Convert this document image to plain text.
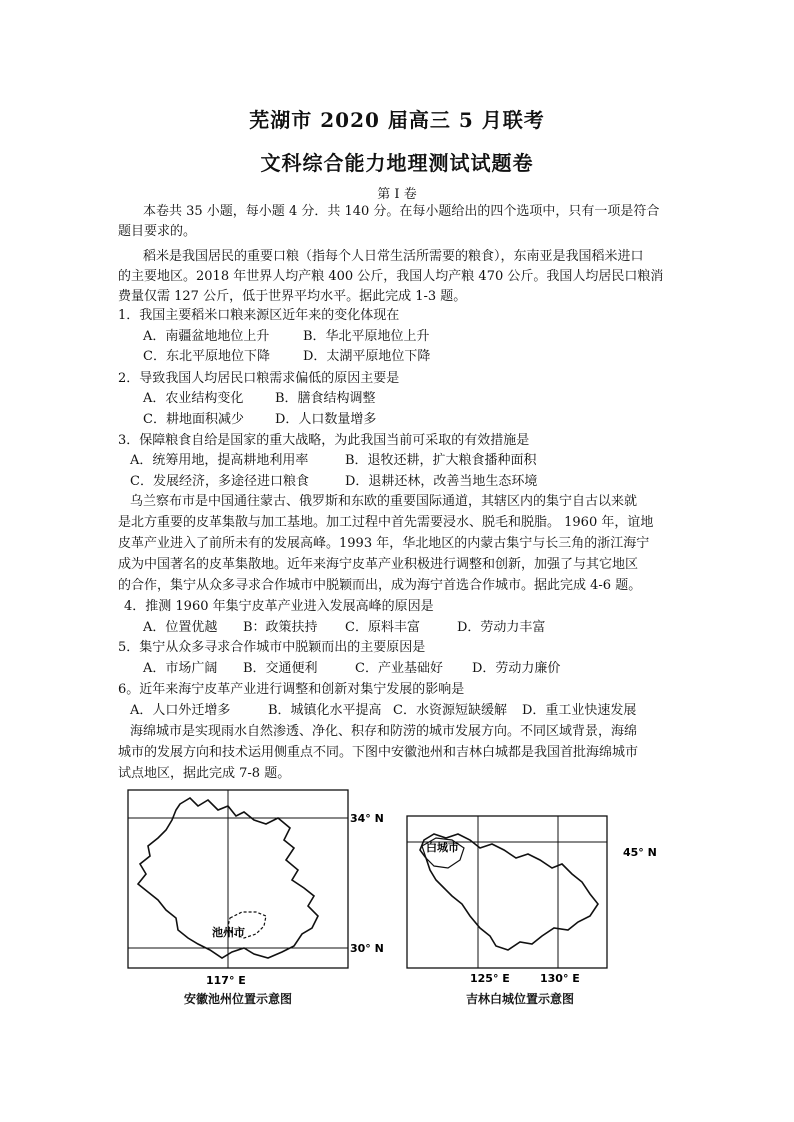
芜湖市 2020 届高三 5 月联考
文科综合能力地理测试试题卷
第 I 卷
本卷共 35 小题，每小题 4 分．共 140 分。在每小题给出的四个选项中，只有一项是符合
题目要求的。
稻米是我国居民的重要口粮（指每个人日常生活所需要的粮食），东南亚是我国稻米进口
的主要地区。2018 年世界人均产粮 400 公斤，我国人均产粮 470 公斤。我国人均居民口粮消
费量仅需 127 公斤，低于世界平均水平。据此完成 1-3 题。
1．我国主要稻米口粮来源区近年来的变化体现在
A．南疆盆地地位上升	B．华北平原地位上升
C．东北平原地位下降	D．太湖平原地位下降
2．导致我国人均居民口粮需求偏低的原因主要是
A．农业结构变化 B．膳食结构调整
C．耕地面积减少 D．人口数量增多
3．保障粮食自给是国家的重大战略，为此我国当前可采取的有效措施是
A．统筹用地，提高耕地利用率	B．退牧还耕，扩大粮食播种面积
C．发展经济，多途径进口粮食	D．退耕还林，改善当地生态环境
乌兰察布市是中国通往蒙古、俄罗斯和东欧的重要国际通道，其辖区内的集宁自古以来就
是北方重要的皮革集散与加工基地。加工过程中首先需要浸水、脱毛和脱脂。 1960 年，谊地
皮革产业进入了前所未有的发展高峰。1993 年，华北地区的内蒙古集宁与长三角的浙江海宁
成为中国著名的皮革集散地。近年来海宁皮革产业积极进行调整和创新，加强了与其它地区
的合作，集宁从众多寻求合作城市中脱颖而出，成为海宁首选合作城市。据此完成 4-6 题。
4．推测 1960 年集宁皮革产业进入发展高峰的原因是
A．位置优越 B：政策扶持 C．原料丰富	D．劳动力丰富
5．集宁从众多寻求合作城市中脱颖而出的主要原因是
A．市场广阔 B．交通便利	C．产业基础好 D．劳动力廉价
6。近年来海宁皮革产业进行调整和创新对集宁发展的影响是
A．人口外迁增多	B．城镇化水平提高 C．水资源短缺缓解 D．重工业快速发展
海绵城市是实现雨水自然渗透、净化、积存和防涝的城市发展方向。不同区域背景，海绵
城市的发展方向和技术运用侧重点不同。下图中安徽池州和吉林白城都是我国首批海绵城市
试点地区，据此完成 7-8 题。
池州市
34° N
30° N
117° E
安徽池州位置示意图
白城市	45° N
125° E	130° E
吉林白城位置示意图
